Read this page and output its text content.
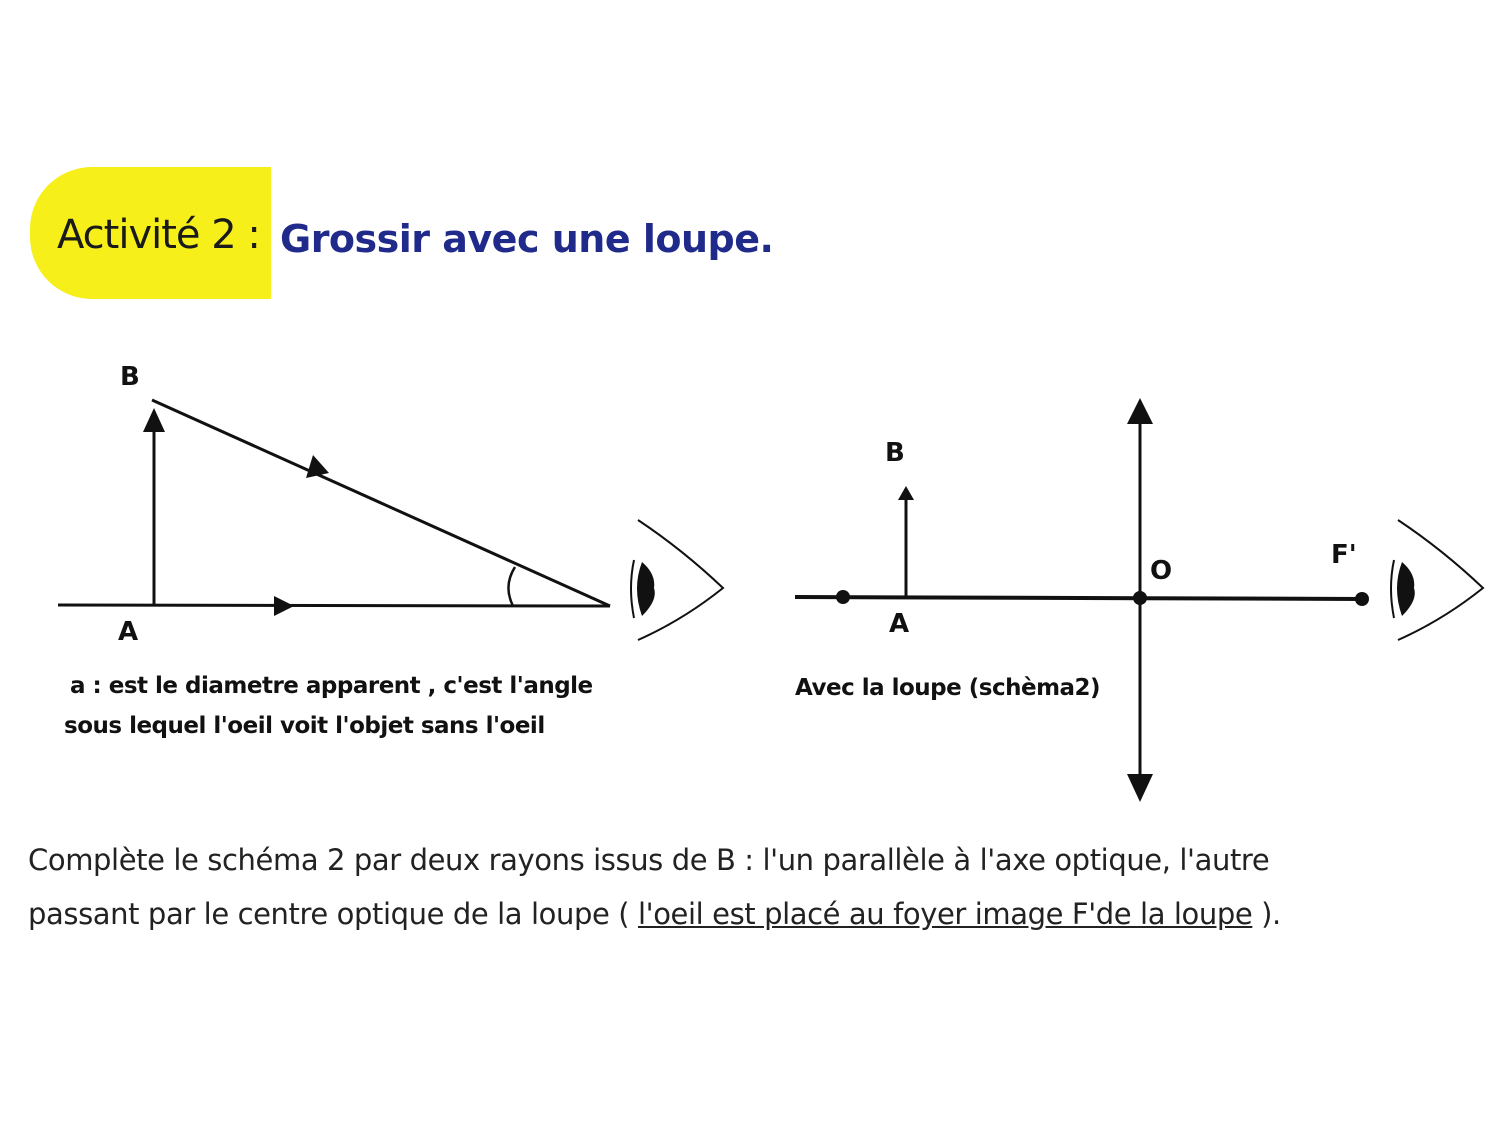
Activité 2 : Grossir avec une loupe.
B
A
a : est le diametre apparent , c'est l'angle
sous lequel l'oeil voit l'objet sans l'oeil
B
A
O
F'
Avec la loupe (schèma2)
Complète le schéma 2 par deux rayons issus de B : l'un parallèle à l'axe optique, l'autre
passant par le centre optique de la loupe ( l'oeil est placé au foyer image F'de la loupe ).
